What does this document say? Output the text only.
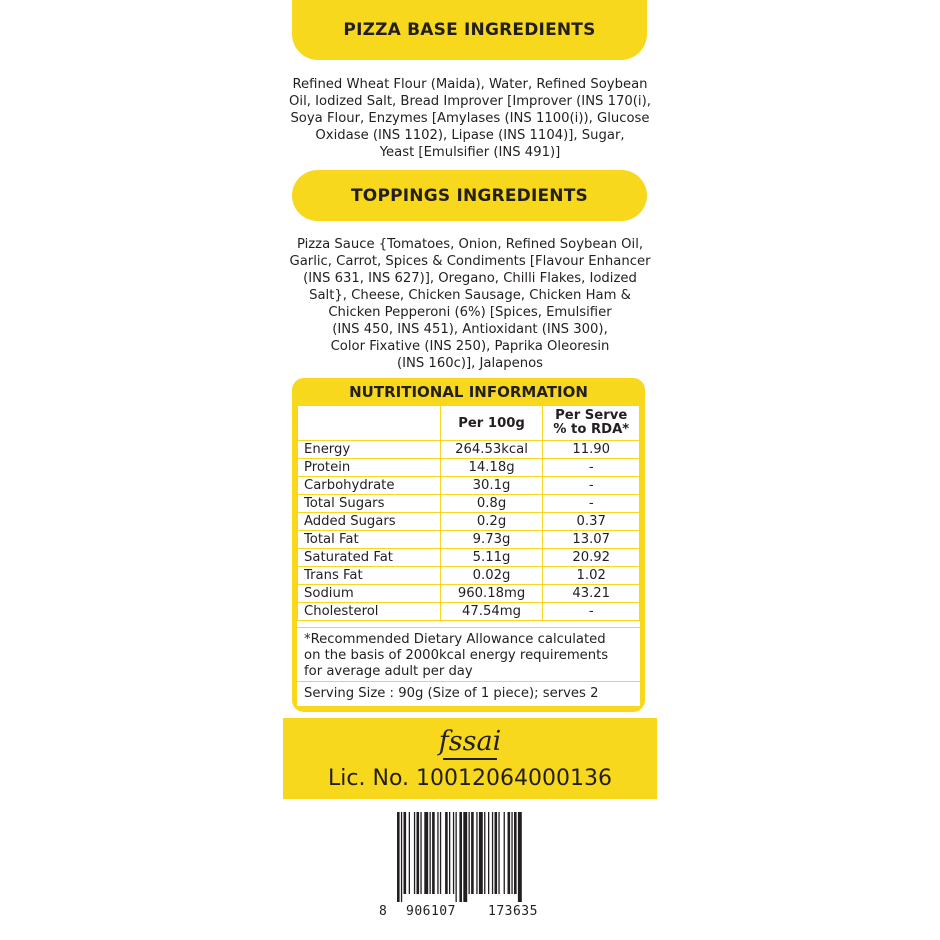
PIZZA BASE INGREDIENTS
Refined Wheat Flour (Maida), Water, Refined Soybean
Oil, Iodized Salt, Bread Improver [Improver (INS 170(i),
Soya Flour, Enzymes [Amylases (INS 1100(i)), Glucose
Oxidase (INS 1102), Lipase (INS 1104)], Sugar,
Yeast [Emulsifier (INS 491)]
TOPPINGS INGREDIENTS
Pizza Sauce {Tomatoes, Onion, Refined Soybean Oil,
Garlic, Carrot, Spices & Condiments [Flavour Enhancer
(INS 631, INS 627)], Oregano, Chilli Flakes, Iodized
Salt}, Cheese, Chicken Sausage, Chicken Ham &
Chicken Pepperoni (6%) [Spices, Emulsifier
(INS 450, INS 451), Antioxidant (INS 300),
Color Fixative (INS 250), Paprika Oleoresin
(INS 160c)], Jalapenos
NUTRITIONAL INFORMATION
	Per 100g	Per Serve
% to RDA*

Energy	264.53kcal	11.90
Protein	14.18g	-
Carbohydrate	30.1g	-
Total Sugars	0.8g	-
Added Sugars	0.2g	0.37
Total Fat	9.73g	13.07
Saturated Fat	5.11g	20.92
Trans Fat	0.02g	1.02
Sodium	960.18mg	43.21
Cholesterol	47.54mg	-
*Recommended Dietary Allowance calculated
on the basis of 2000kcal energy requirements
for average adult per day
Serving Size : 90g (Size of 1 piece); serves 2
fssai
Lic. No. 10012064000136
8 906107 173635
